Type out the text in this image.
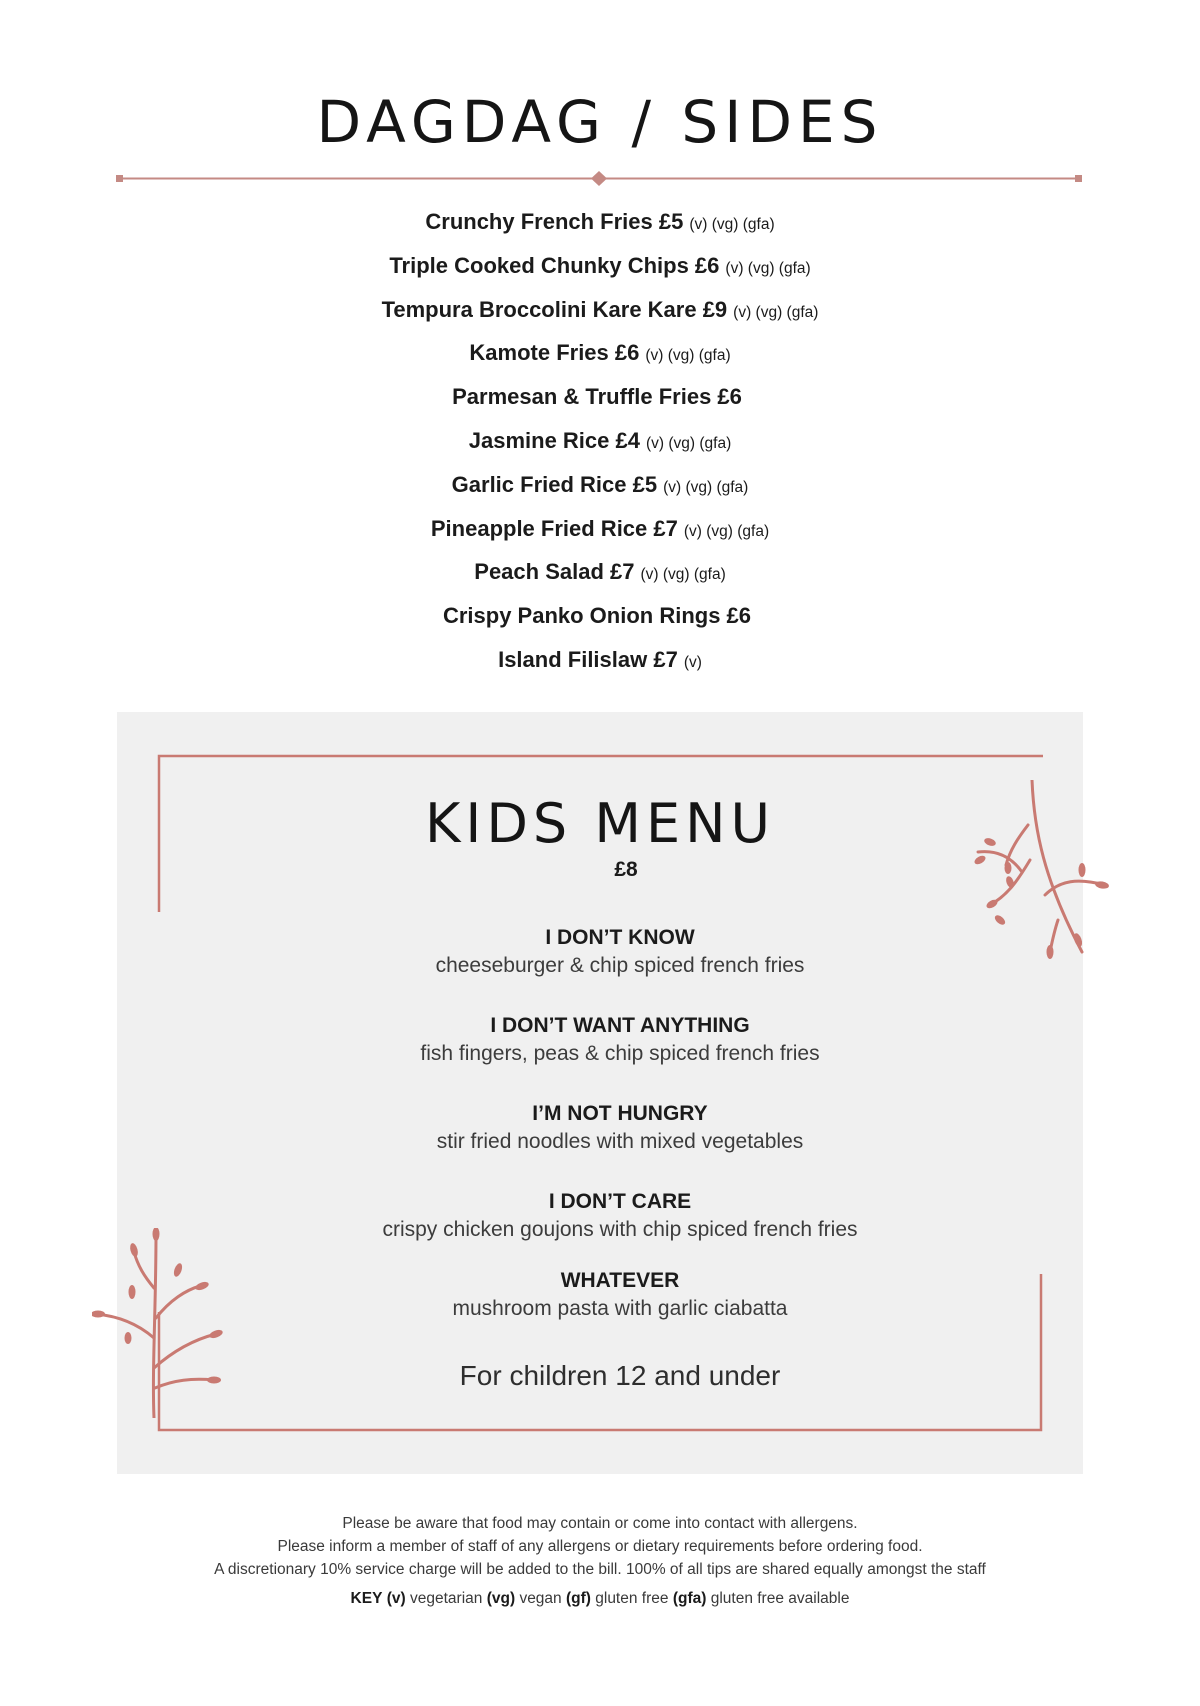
DAGDAG / SIDES
Crunchy French Fries £5 (v) (vg) (gfa)
Triple Cooked Chunky Chips £6 (v) (vg) (gfa)
Tempura Broccolini Kare Kare £9 (v) (vg) (gfa)
Kamote Fries £6 (v) (vg) (gfa)
Parmesan & Truffle Fries £6
Jasmine Rice £4 (v) (vg) (gfa)
Garlic Fried Rice £5 (v) (vg) (gfa)
Pineapple Fried Rice £7 (v) (vg) (gfa)
Peach Salad £7 (v) (vg) (gfa)
Crispy Panko Onion Rings £6
Island Filislaw £7 (v)
KIDS MENU
£8
I DON’T KNOW
cheeseburger & chip spiced french fries
I DON’T WANT ANYTHING
fish fingers, peas & chip spiced french fries
I’M NOT HUNGRY
stir fried noodles with mixed vegetables
I DON’T CARE
crispy chicken goujons with chip spiced french fries
WHATEVER
mushroom pasta with garlic ciabatta
For children 12 and under
Please be aware that food may contain or come into contact with allergens.
Please inform a member of staff of any allergens or dietary requirements before ordering food.
A discretionary 10% service charge will be added to the bill. 100% of all tips are shared equally amongst the staff
KEY (v) vegetarian (vg) vegan (gf) gluten free (gfa) gluten free available
